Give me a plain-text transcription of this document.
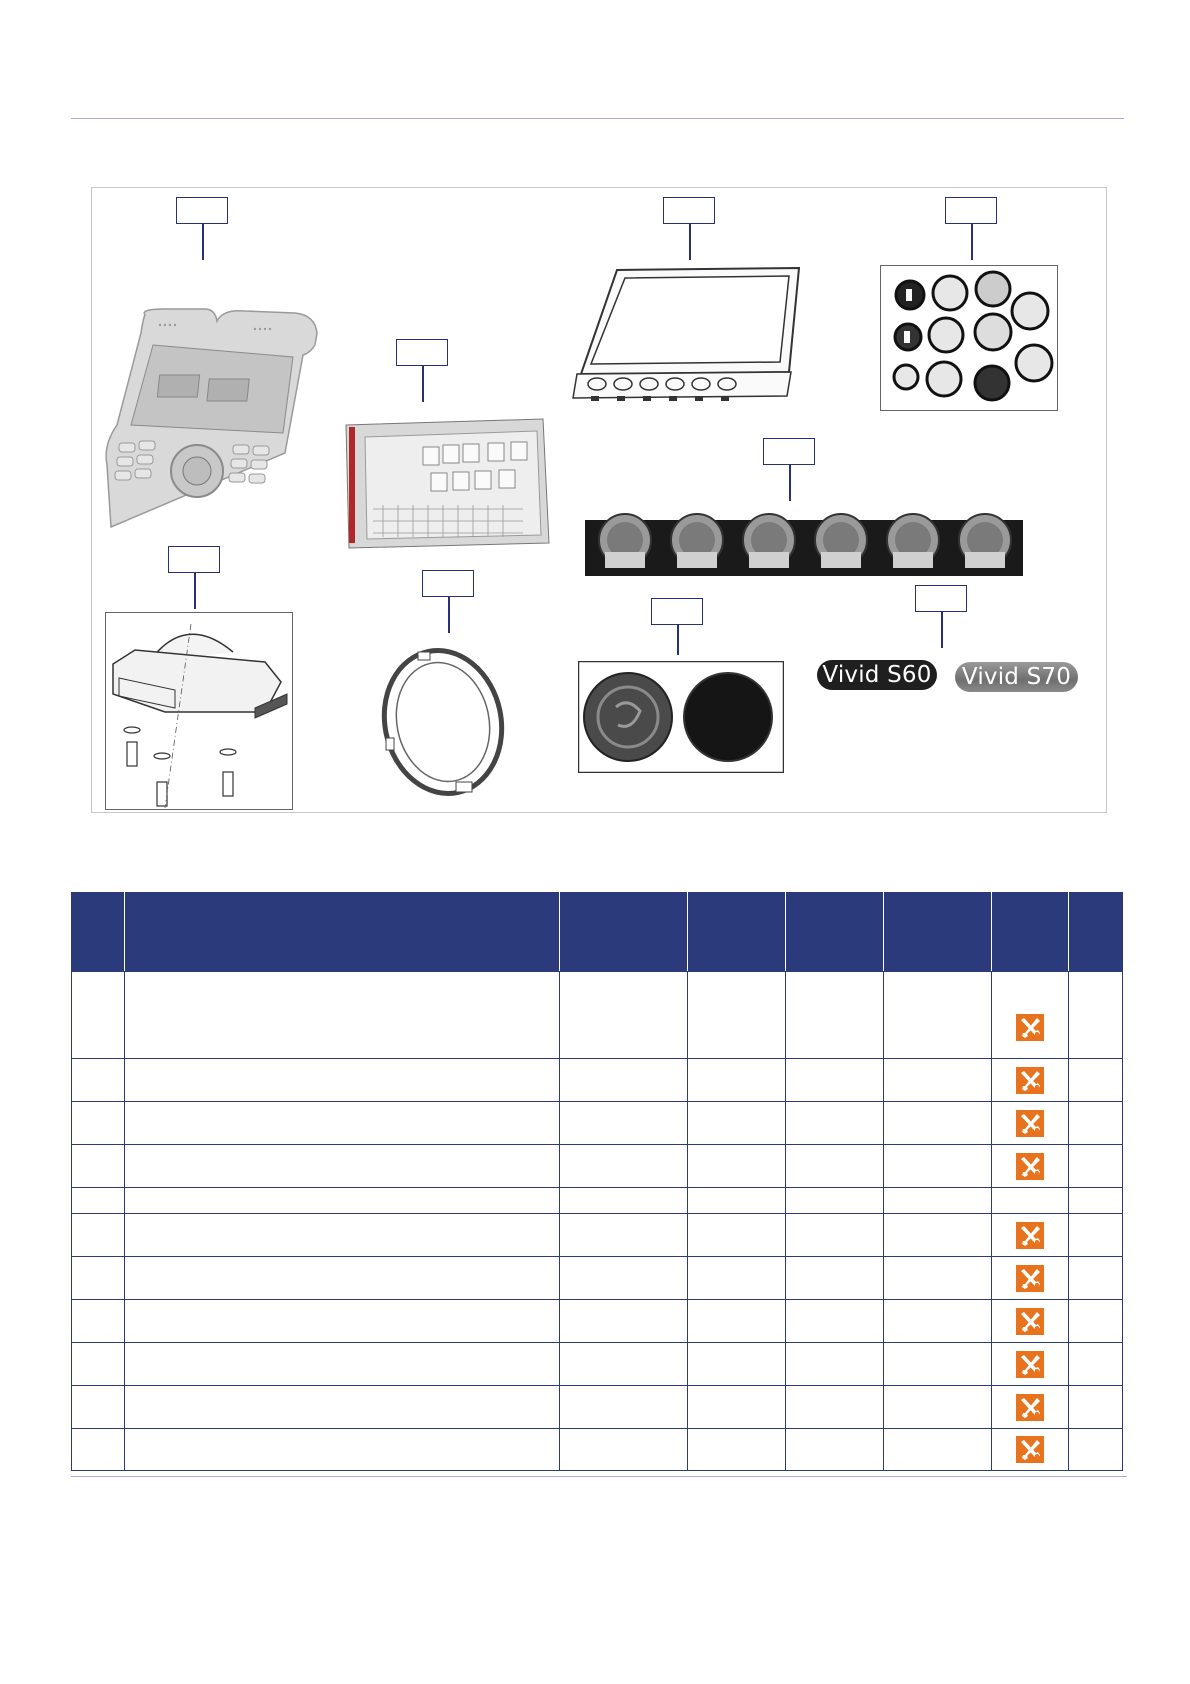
Vivid S60 Vivid S70
